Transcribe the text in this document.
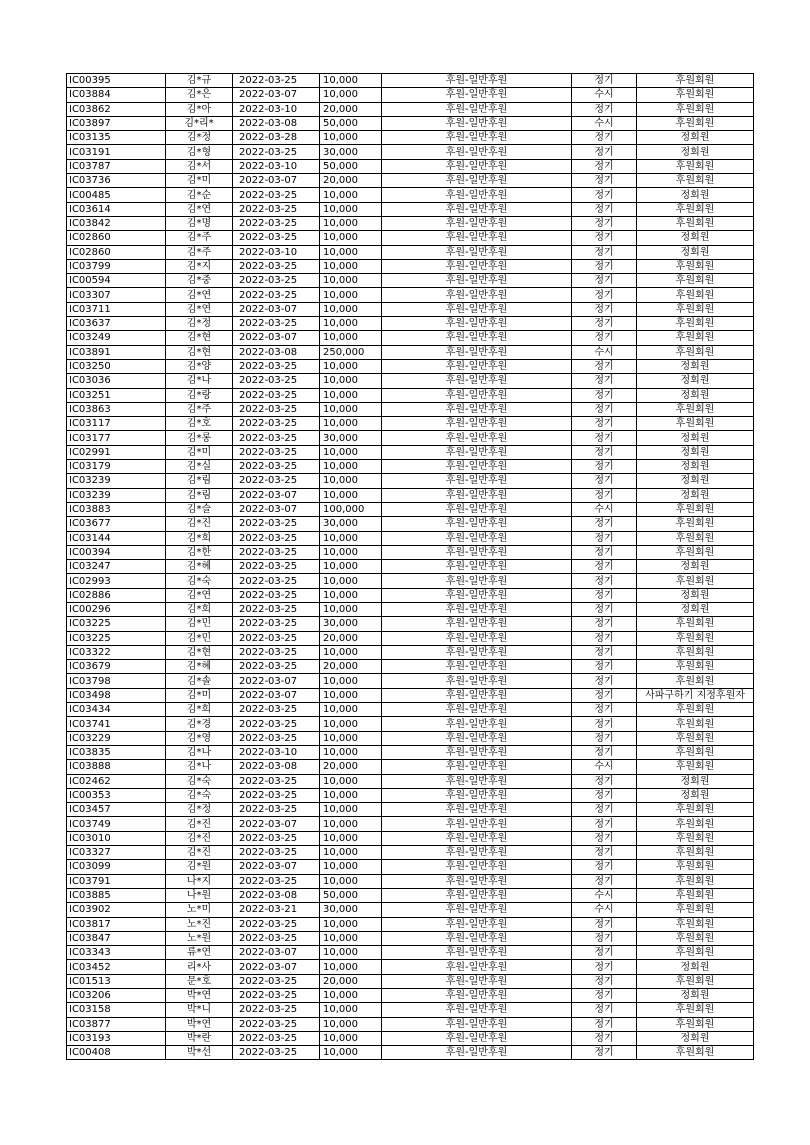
IC00395	김*규	2022-03-25	10,000	후원-일반후원	정기	후원회원
IC03884	김*은	2022-03-07	10,000	후원-일반후원	수시	후원회원
IC03862	김*아	2022-03-10	20,000	후원-일반후원	정기	후원회원
IC03897	김*리*	2022-03-08	50,000	후원-일반후원	수시	후원회원
IC03135	김*정	2022-03-28	10,000	후원-일반후원	정기	정회원
IC03191	김*형	2022-03-25	30,000	후원-일반후원	정기	정회원
IC03787	김*서	2022-03-10	50,000	후원-일반후원	정기	후원회원
IC03736	김*미	2022-03-07	20,000	후원-일반후원	정기	후원회원
IC00485	김*순	2022-03-25	10,000	후원-일반후원	정기	정회원
IC03614	김*연	2022-03-25	10,000	후원-일반후원	정기	후원회원
IC03842	김*명	2022-03-25	10,000	후원-일반후원	정기	후원회원
IC02860	김*주	2022-03-25	10,000	후원-일반후원	정기	정회원
IC02860	김*주	2022-03-10	10,000	후원-일반후원	정기	정회원
IC03799	김*지	2022-03-25	10,000	후원-일반후원	정기	후원회원
IC00594	김*중	2022-03-25	10,000	후원-일반후원	정기	후원회원
IC03307	김*연	2022-03-25	10,000	후원-일반후원	정기	후원회원
IC03711	김*연	2022-03-07	10,000	후원-일반후원	정기	후원회원
IC03637	김*정	2022-03-25	10,000	후원-일반후원	정기	후원회원
IC03249	김*현	2022-03-07	10,000	후원-일반후원	정기	후원회원
IC03891	김*현	2022-03-08	250,000	후원-일반후원	수시	후원회원
IC03250	김*양	2022-03-25	10,000	후원-일반후원	정기	정회원
IC03036	김*나	2022-03-25	10,000	후원-일반후원	정기	정회원
IC03251	김*랑	2022-03-25	10,000	후원-일반후원	정기	정회원
IC03863	김*주	2022-03-25	10,000	후원-일반후원	정기	후원회원
IC03117	김*호	2022-03-25	10,000	후원-일반후원	정기	후원회원
IC03177	김*롱	2022-03-25	30,000	후원-일반후원	정기	정회원
IC02991	김*미	2022-03-25	10,000	후원-일반후원	정기	정회원
IC03179	김*실	2022-03-25	10,000	후원-일반후원	정기	정회원
IC03239	김*림	2022-03-25	10,000	후원-일반후원	정기	정회원
IC03239	김*림	2022-03-07	10,000	후원-일반후원	정기	정회원
IC03883	김*슬	2022-03-07	100,000	후원-일반후원	수시	후원회원
IC03677	김*진	2022-03-25	30,000	후원-일반후원	정기	후원회원
IC03144	김*희	2022-03-25	10,000	후원-일반후원	정기	후원회원
IC00394	김*한	2022-03-25	10,000	후원-일반후원	정기	후원회원
IC03247	김*혜	2022-03-25	10,000	후원-일반후원	정기	정회원
IC02993	김*숙	2022-03-25	10,000	후원-일반후원	정기	후원회원
IC02886	김*연	2022-03-25	10,000	후원-일반후원	정기	정회원
IC00296	김*희	2022-03-25	10,000	후원-일반후원	정기	정회원
IC03225	김*민	2022-03-25	30,000	후원-일반후원	정기	후원회원
IC03225	김*민	2022-03-25	20,000	후원-일반후원	정기	후원회원
IC03322	김*현	2022-03-25	10,000	후원-일반후원	정기	후원회원
IC03679	김*혜	2022-03-25	20,000	후원-일반후원	정기	후원회원
IC03798	김*솔	2022-03-07	10,000	후원-일반후원	정기	후원회원
IC03498	김*미	2022-03-07	10,000	후원-일반후원	정기	사파구하기 지정후원자
IC03434	김*희	2022-03-25	10,000	후원-일반후원	정기	후원회원
IC03741	김*경	2022-03-25	10,000	후원-일반후원	정기	후원회원
IC03229	김*영	2022-03-25	10,000	후원-일반후원	정기	후원회원
IC03835	김*나	2022-03-10	10,000	후원-일반후원	정기	후원회원
IC03888	김*나	2022-03-08	20,000	후원-일반후원	수시	후원회원
IC02462	김*숙	2022-03-25	10,000	후원-일반후원	정기	정회원
IC00353	김*숙	2022-03-25	10,000	후원-일반후원	정기	정회원
IC03457	김*정	2022-03-25	10,000	후원-일반후원	정기	후원회원
IC03749	김*진	2022-03-07	10,000	후원-일반후원	정기	후원회원
IC03010	김*진	2022-03-25	10,000	후원-일반후원	정기	후원회원
IC03327	김*진	2022-03-25	10,000	후원-일반후원	정기	후원회원
IC03099	김*원	2022-03-07	10,000	후원-일반후원	정기	후원회원
IC03791	나*지	2022-03-25	10,000	후원-일반후원	정기	후원회원
IC03885	나*원	2022-03-08	50,000	후원-일반후원	수시	후원회원
IC03902	노*미	2022-03-21	30,000	후원-일반후원	수시	후원회원
IC03817	노*진	2022-03-25	10,000	후원-일반후원	정기	후원회원
IC03847	노*원	2022-03-25	10,000	후원-일반후원	정기	후원회원
IC03343	류*연	2022-03-07	10,000	후원-일반후원	정기	후원회원
IC03452	리*사	2022-03-07	10,000	후원-일반후원	정기	정회원
IC01513	문*호	2022-03-25	20,000	후원-일반후원	정기	후원회원
IC03206	박*연	2022-03-25	10,000	후원-일반후원	정기	정회원
IC03158	박*니	2022-03-25	10,000	후원-일반후원	정기	후원회원
IC03877	박*연	2022-03-25	10,000	후원-일반후원	정기	후원회원
IC03193	박*란	2022-03-25	10,000	후원-일반후원	정기	정회원
IC00408	박*선	2022-03-25	10,000	후원-일반후원	정기	후원회원
